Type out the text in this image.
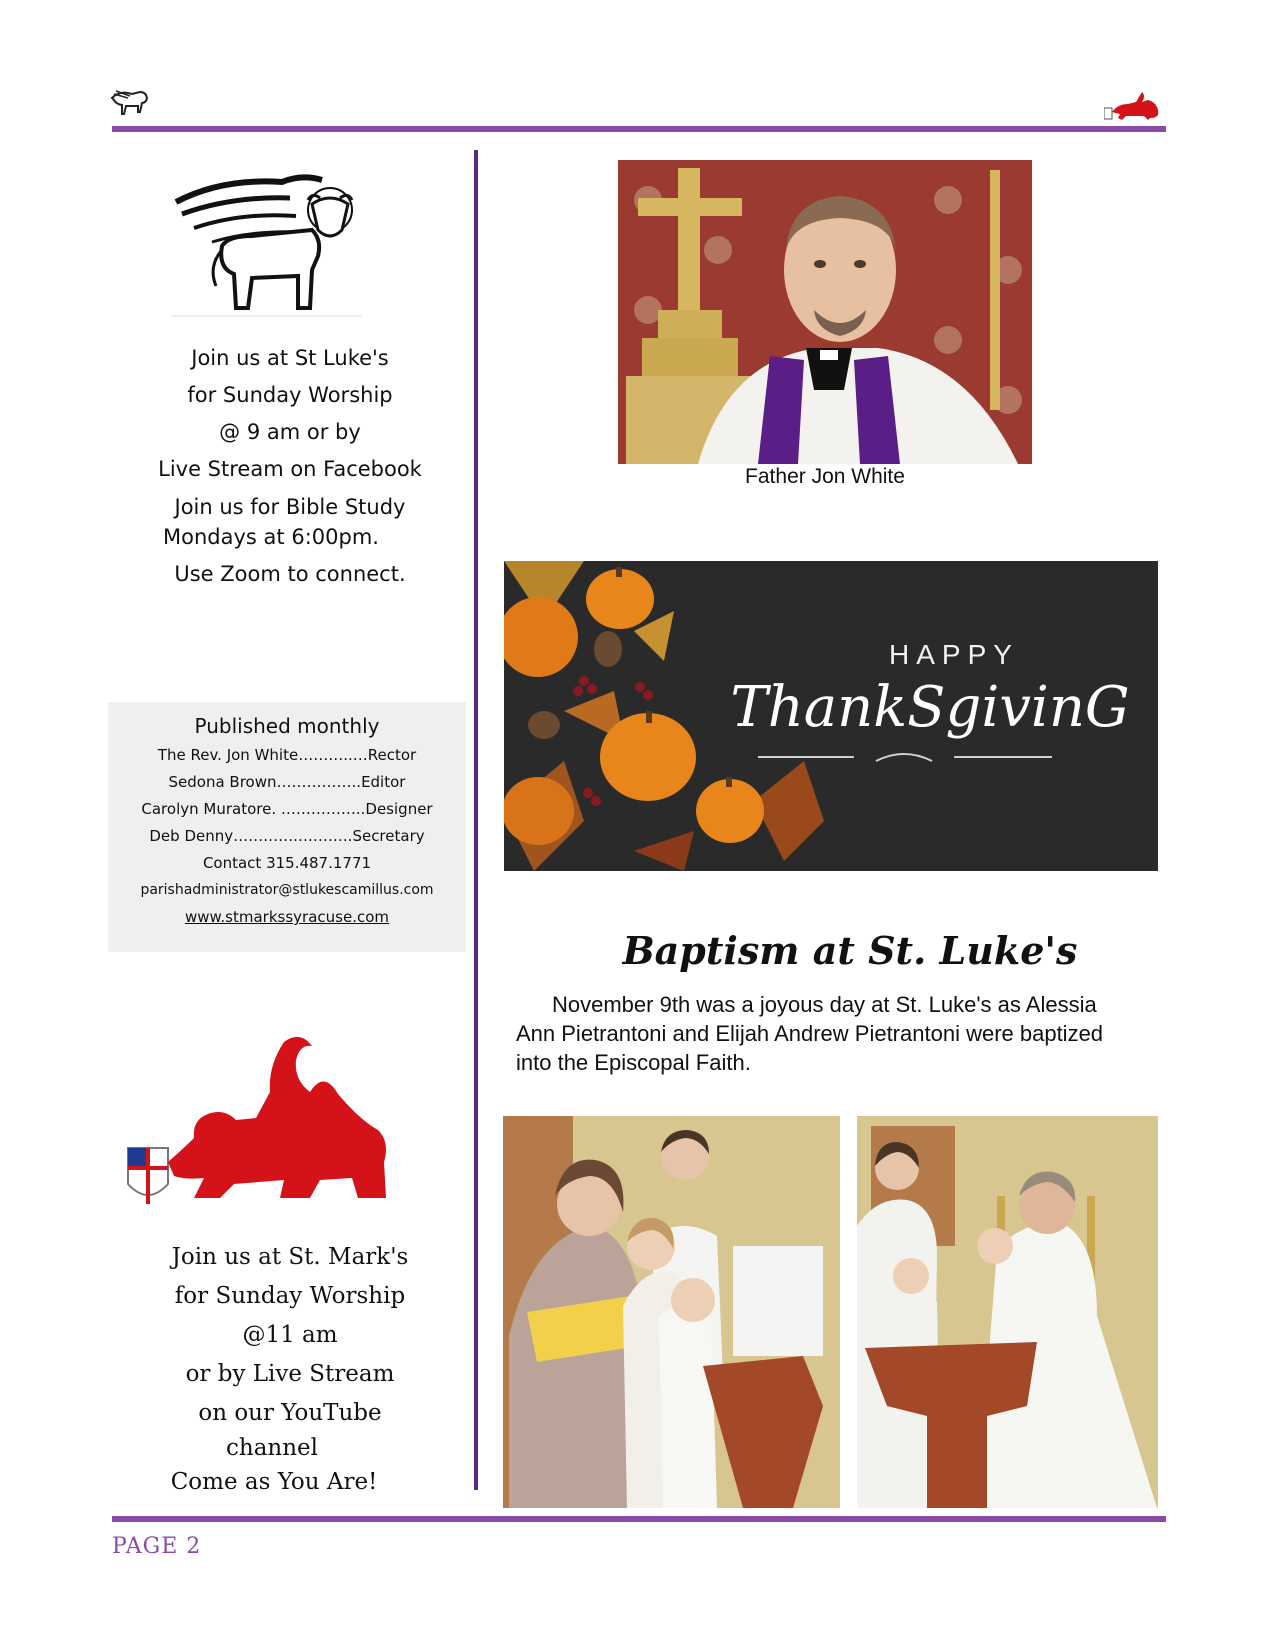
Join us at St Luke's
for Sunday Worship
@ 9 am or by
Live Stream on Facebook
Join us for Bible Study
Mondays at 6:00pm.
Use Zoom to connect.
Published monthly
The Rev. Jon White………..…Rector
Sedona Brown……………..Editor
Carolyn Muratore. ……………..Designer
Deb Denny………….………..Secretary
Contact 315.487.1771
parishadministrator@stlukescamillus.com
www.stmarkssyracuse.com
Join us at St. Mark's
for Sunday Worship
@11 am
or by Live Stream
on our YouTube
channel
Come as You Are!
Father Jon White
HAPPY
ThankSgivinG
Baptism at St. Luke's
November 9th was a joyous day at St. Luke's as Alessia Ann Pietrantoni and Elijah Andrew Pietrantoni were baptized into the Episcopal Faith.
PAGE 2
